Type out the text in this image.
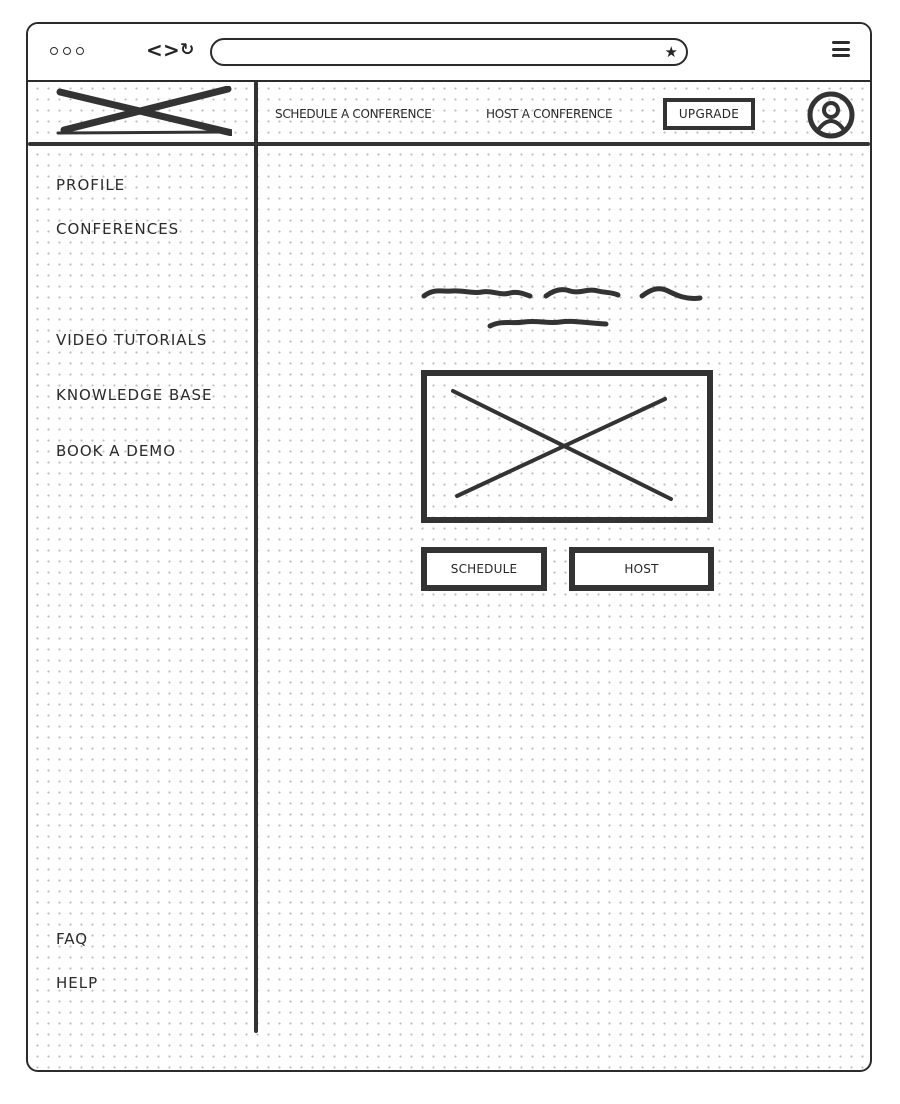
< > ↻	★
SCHEDULE A CONFERENCE	HOST A CONFERENCE	UPGRADE
PROFILE
CONFERENCES
VIDEO TUTORIALS
KNOWLEDGE BASE
BOOK A DEMO
FAQ
HELP
SCHEDULE	HOST
